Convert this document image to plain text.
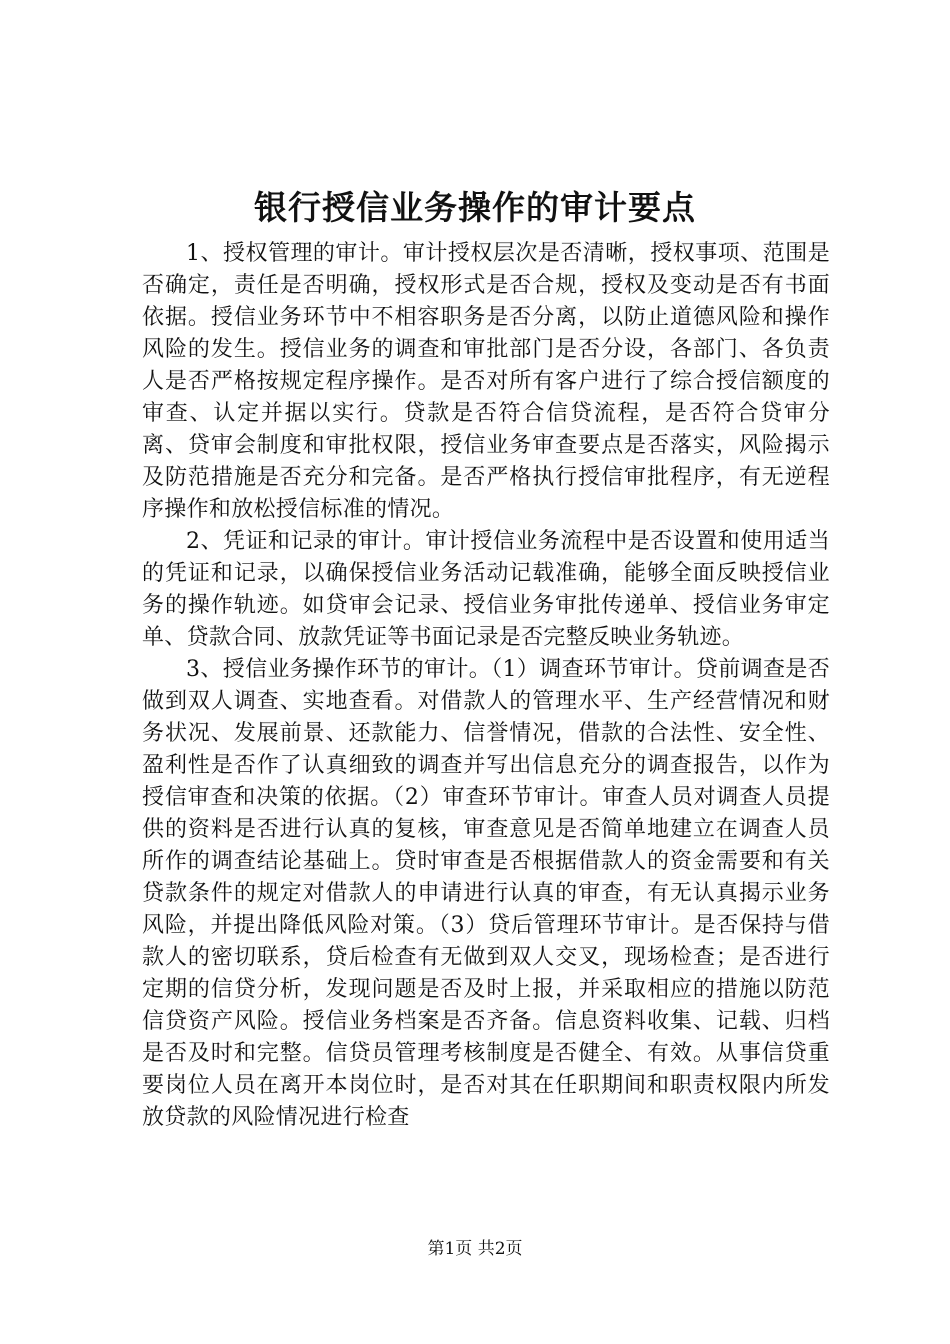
银行授信业务操作的审计要点

1、授权管理的审计。审计授权层次是否清晰，授权事项、范围是否确定，责任是否明确，授权形式是否合规，授权及变动是否有书面依据。授信业务环节中不相容职务是否分离，以防止道德风险和操作风险的发生。授信业务的调查和审批部门是否分设，各部门、各负责人是否严格按规定程序操作。是否对所有客户进行了综合授信额度的审查、认定并据以实行。贷款是否符合信贷流程，是否符合贷审分离、贷审会制度和审批权限，授信业务审查要点是否落实，风险揭示及防范措施是否充分和完备。是否严格执行授信审批程序，有无逆程序操作和放松授信标准的情况。

2、凭证和记录的审计。审计授信业务流程中是否设置和使用适当的凭证和记录，以确保授信业务活动记载准确，能够全面反映授信业务的操作轨迹。如贷审会记录、授信业务审批传递单、授信业务审定单、贷款合同、放款凭证等书面记录是否完整反映业务轨迹。

3、授信业务操作环节的审计。（1）调查环节审计。贷前调查是否做到双人调查、实地查看。对借款人的管理水平、生产经营情况和财务状况、发展前景、还款能力、信誉情况，借款的合法性、安全性、盈利性是否作了认真细致的调查并写出信息充分的调查报告，以作为授信审查和决策的依据。（2）审查环节审计。审查人员对调查人员提供的资料是否进行认真的复核，审查意见是否简单地建立在调查人员所作的调查结论基础上。贷时审查是否根据借款人的资金需要和有关贷款条件的规定对借款人的申请进行认真的审查，有无认真揭示业务风险，并提出降低风险对策。（3）贷后管理环节审计。是否保持与借款人的密切联系，贷后检查有无做到双人交叉，现场检查；是否进行定期的信贷分析，发现问题是否及时上报，并采取相应的措施以防范信贷资产风险。授信业务档案是否齐备。信息资料收集、记载、归档是否及时和完整。信贷员管理考核制度是否健全、有效。从事信贷重要岗位人员在离开本岗位时，是否对其在任职期间和职责权限内所发放贷款的风险情况进行检查

第1页 共2页
